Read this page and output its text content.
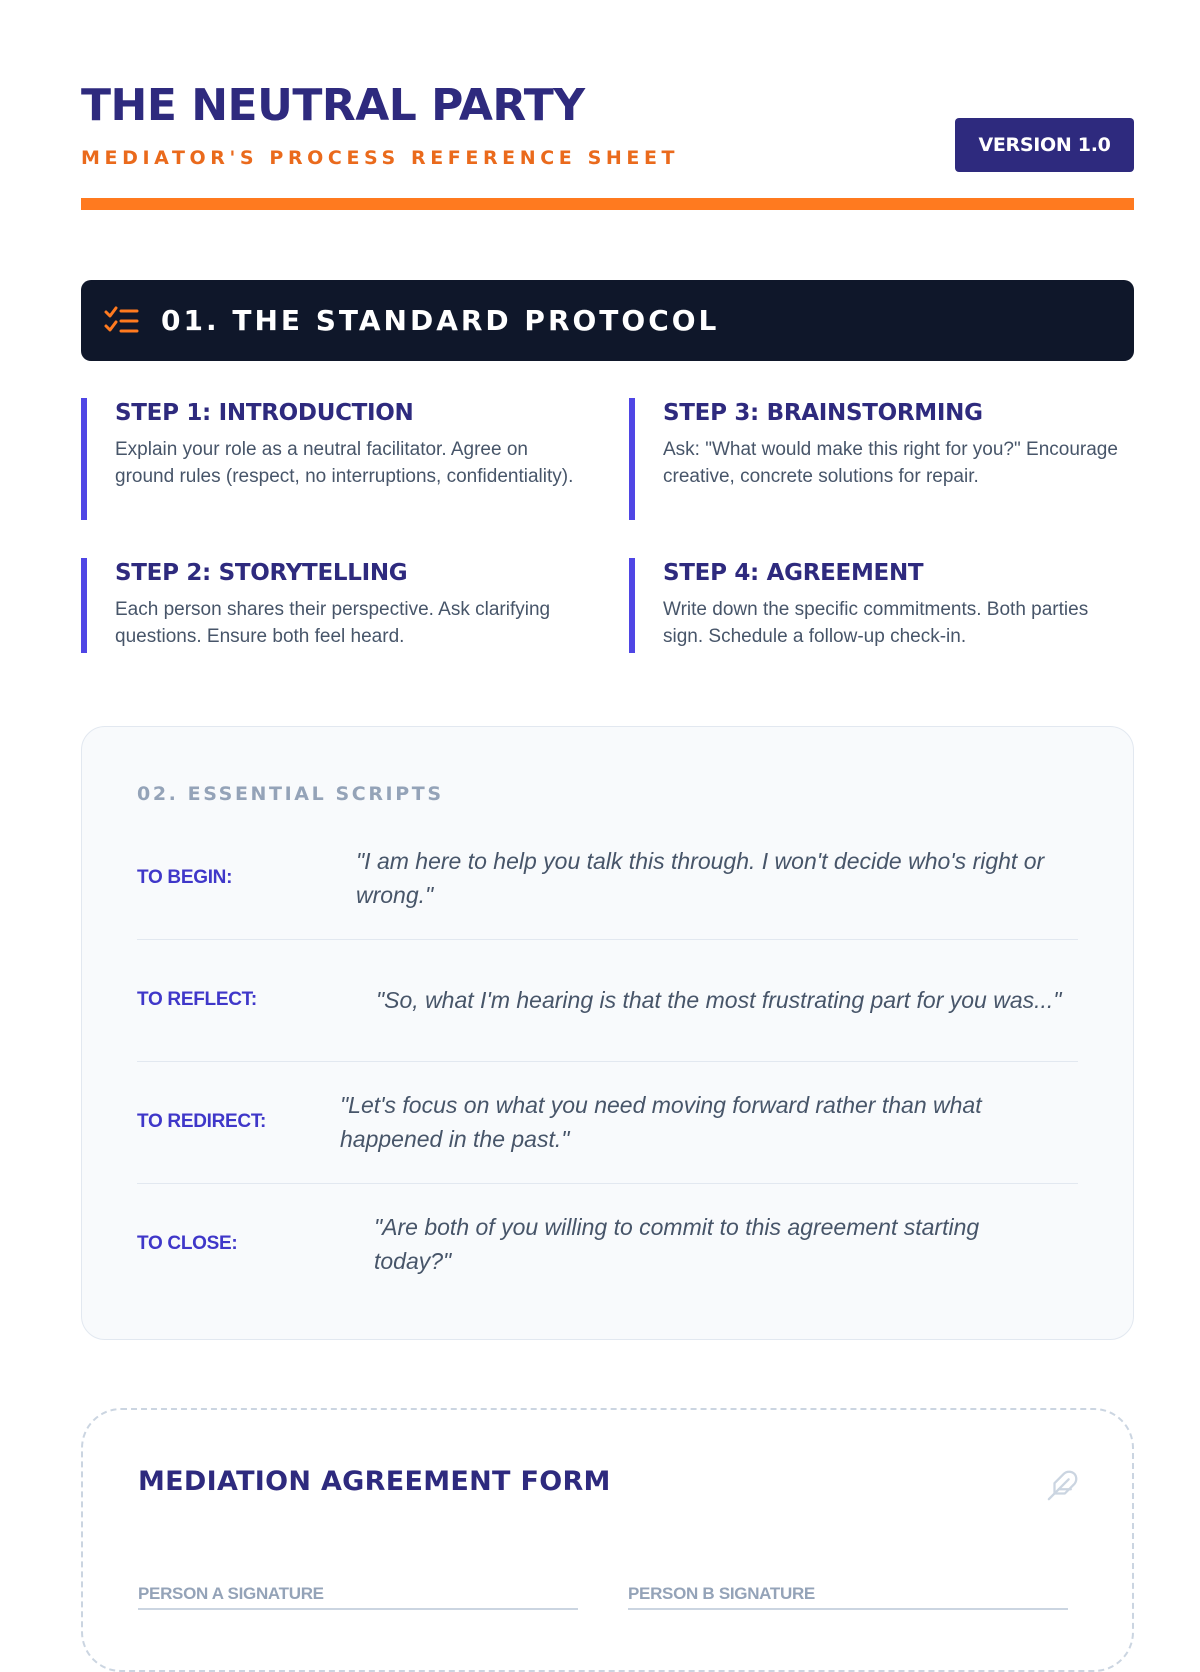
THE NEUTRAL PARTY
MEDIATOR'S PROCESS REFERENCE SHEET
VERSION 1.0
01. THE STANDARD PROTOCOL
STEP 1: INTRODUCTION

Explain your role as a neutral facilitator. Agree on ground rules (respect, no interruptions, confidentiality).

STEP 2: STORYTELLING

Each person shares their perspective. Ask clarifying questions. Ensure both feel heard.

STEP 3: BRAINSTORMING

Ask: "What would make this right for you?" Encourage creative, concrete solutions for repair.

STEP 4: AGREEMENT

Write down the specific commitments. Both parties sign. Schedule a follow-up check-in.

02. ESSENTIAL SCRIPTS
TO BEGIN:
"I am here to help you talk this through. I won't decide who's right or wrong."
TO REFLECT:	"So, what I'm hearing is that the most frustrating part for you was..."
TO REDIRECT:
"Let's focus on what you need moving forward rather than what happened in the past."
TO CLOSE:
"Are both of you willing to commit to this agreement starting today?"
MEDIATION AGREEMENT FORM
PERSON A SIGNATURE	PERSON B SIGNATURE
